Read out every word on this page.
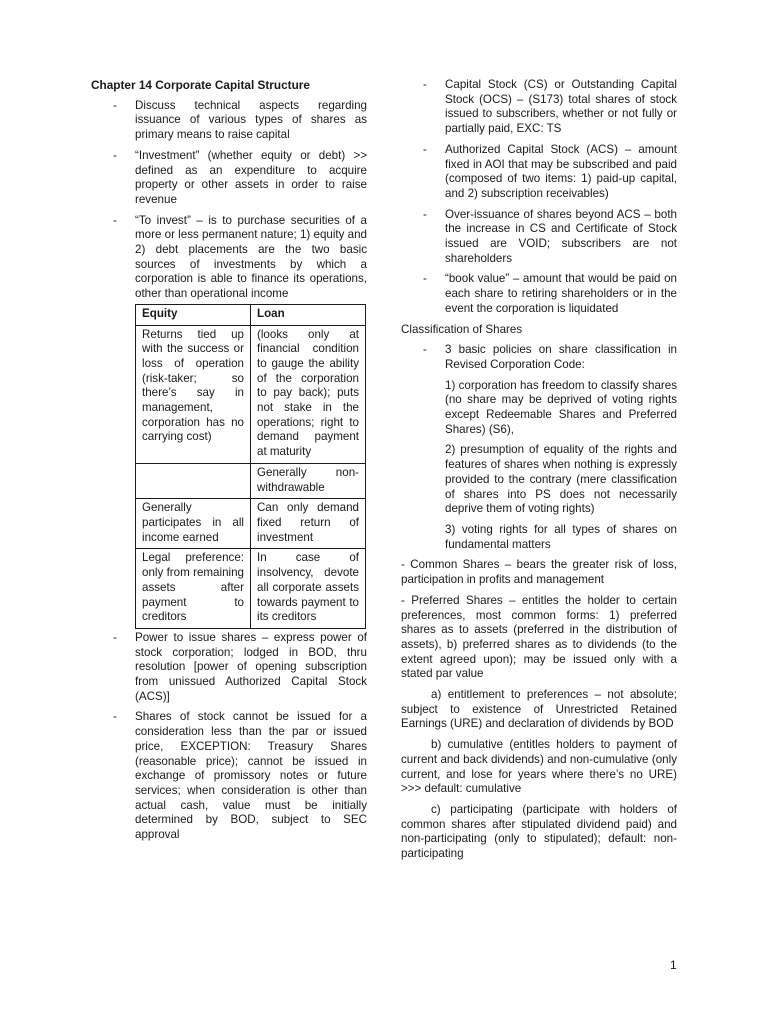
Chapter 14 Corporate Capital Structure
- Discuss technical aspects regarding issuance of various types of shares as primary means to raise capital
- “Investment” (whether equity or debt) >> defined as an expenditure to acquire property or other assets in order to raise revenue
- “To invest” – is to purchase securities of a more or less permanent nature; 1) equity and 2) debt placements are the two basic sources of investments by which a corporation is able to finance its operations, other than operational income
Equity	Loan
Returns tied up with the success or loss of operation (risk-taker; so there’s say in management, corporation has no carrying cost)	(looks only at financial condition to gauge the ability of the corporation to pay back); puts not stake in the operations; right to demand payment at maturity
	Generally non-withdrawable
Generally participates in all income earned	Can only demand fixed return of investment
Legal preference: only from remaining assets after payment to creditors	In case of insolvency, devote all corporate assets towards payment to its creditors
- Power to issue shares – express power of stock corporation; lodged in BOD, thru resolution [power of opening subscription from unissued Authorized Capital Stock (ACS)]
- Shares of stock cannot be issued for a consideration less than the par or issued price, EXCEPTION: Treasury Shares (reasonable price); cannot be issued in exchange of promissory notes or future services; when consideration is other than actual cash, value must be initially determined by BOD, subject to SEC approval
- Capital Stock (CS) or Outstanding Capital Stock (OCS) – (S173) total shares of stock issued to subscribers, whether or not fully or partially paid, EXC: TS
- Authorized Capital Stock (ACS) – amount fixed in AOI that may be subscribed and paid (composed of two items: 1) paid-up capital, and 2) subscription receivables)
- Over-issuance of shares beyond ACS – both the increase in CS and Certificate of Stock issued are VOID; subscribers are not shareholders
- “book value” – amount that would be paid on each share to retiring shareholders or in the event the corporation is liquidated
Classification of Shares
- 3 basic policies on share classification in Revised Corporation Code:
1) corporation has freedom to classify shares (no share may be deprived of voting rights except Redeemable Shares and Preferred Shares) (S6),
2) presumption of equality of the rights and features of shares when nothing is expressly provided to the contrary (mere classification of shares into PS does not necessarily deprive them of voting rights)
3) voting rights for all types of shares on fundamental matters
- Common Shares – bears the greater risk of loss, participation in profits and management
- Preferred Shares – entitles the holder to certain preferences, most common forms: 1) preferred shares as to assets (preferred in the distribution of assets), b) preferred shares as to dividends (to the extent agreed upon); may be issued only with a stated par value
a) entitlement to preferences – not absolute; subject to existence of Unrestricted Retained Earnings (URE) and declaration of dividends by BOD
b) cumulative (entitles holders to payment of current and back dividends) and non-cumulative (only current, and lose for years where there’s no URE) >>> default: cumulative
c) participating (participate with holders of common shares after stipulated dividend paid) and non-participating (only to stipulated); default: non-participating
1
